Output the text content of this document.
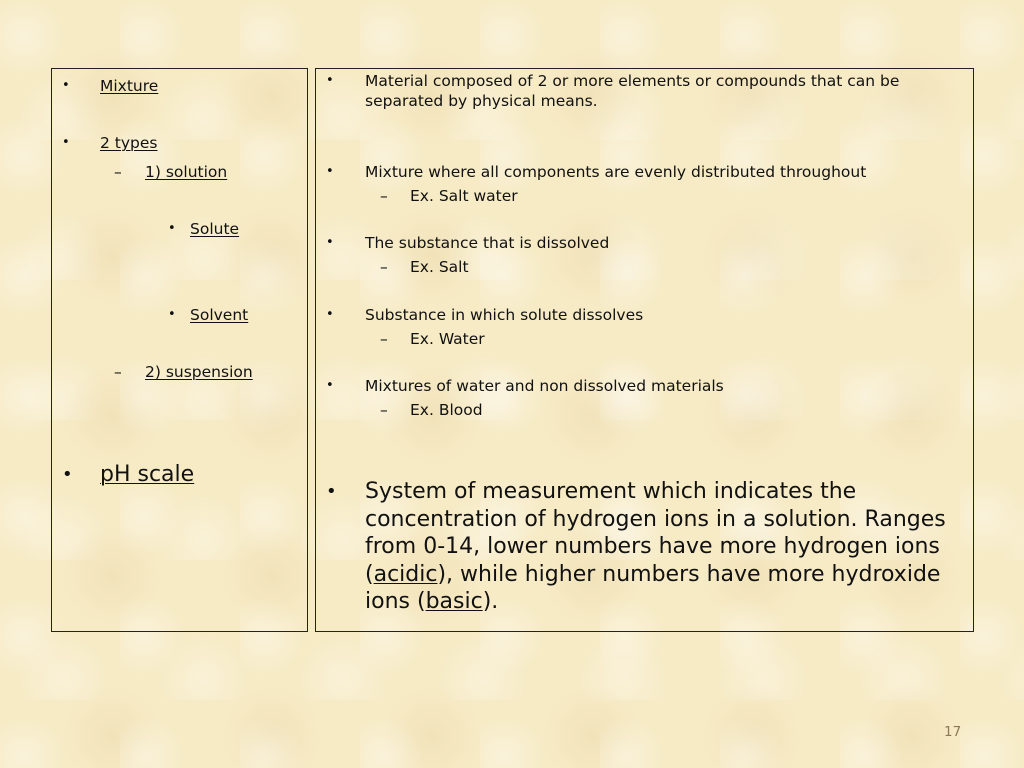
• Mixture
• 2 types
– 1) solution
• Solute
• Solvent
– 2) suspension
• pH scale
• Material composed of 2 or more elements or compounds that can be
separated by physical means.
• Mixture where all components are evenly distributed throughout
– Ex. Salt water
• The substance that is dissolved
– Ex. Salt
• Substance in which solute dissolves
– Ex. Water
• Mixtures of water and non dissolved materials
– Ex. Blood
• System of measurement which indicates the concentration of hydrogen ions in a solution. Ranges from 0-14, lower numbers have more hydrogen ions (acidic), while higher numbers have more hydroxide ions (basic).
17
